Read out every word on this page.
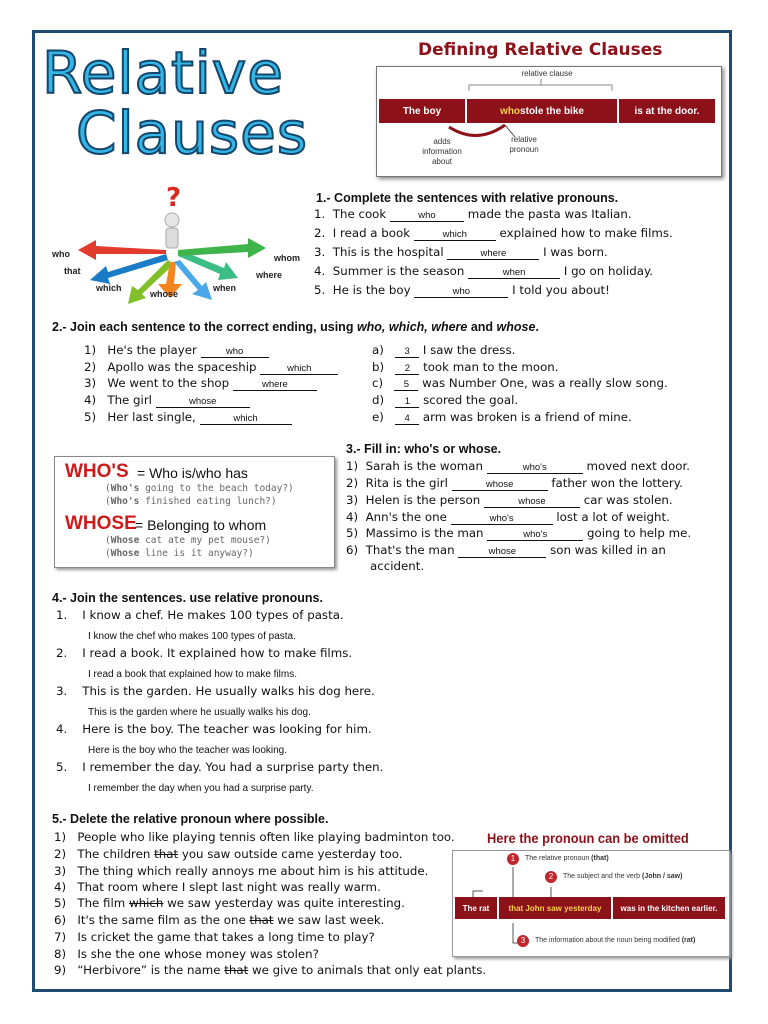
Relative
Clauses
Defining Relative Clauses
relative clause
The boy	who stole the bike	is at the door.
adds
information
about
relative
pronoun
?
who
that
which
whose
when
where
whom
1.- Complete the sentences with relative pronouns.
1. The cook	who made the pasta was Italian.
2. I read a book	which explained how to make films.
3. This is the hospital	where	I was born.
4. Summer is the season	when	I go on holiday.
5. He is the boy	who	I told you about!
2.- Join each sentence to the correct ending, using who, which, where and whose.
1) He's the player	who
2) Apollo was the spaceship	which
3) We went to the shop	where
4) The girl	whose
5) Her last single,	which
a) 3 I saw the dress.
b) 2 took man to the moon.
c) 5 was Number One, was a really slow song.
d) 1 scored the goal.
e) 4 arm was broken is a friend of mine.
WHO'S = Who is/who has
(Who's going to the beach today?)
(Who's finished eating lunch?)
WHOSE
= Belonging to whom
(Whose cat ate my pet mouse?)
(Whose line is it anyway?)
3.- Fill in: who's or whose.
1) Sarah is the woman	who's	moved next door.
2) Rita is the girl	whose	father won the lottery.
3) Helen is the person	whose	car was stolen.
4) Ann's the one	who's	lost a lot of weight.
5) Massimo is the man	who's	going to help me.
6) That's the man	whose	son was killed in an
accident.
4.- Join the sentences. use relative pronouns.
1. I know a chef. He makes 100 types of pasta.
I know the chef who makes 100 types of pasta.
2. I read a book. It explained how to make films.
I read a book that explained how to make films.
3. This is the garden. He usually walks his dog here.
This is the garden where he usually walks his dog.
4. Here is the boy. The teacher was looking for him.
Here is the boy who the teacher was looking.
5. I remember the day. You had a surprise party then.
I remember the day when you had a surprise party.
5.- Delete the relative pronoun where possible.
Here the pronoun can be omitted
1) People who like playing tennis often like playing badminton too.
2) The children that you saw outside came yesterday too.
3) The thing which really annoys me about him is his attitude.
4) That room where I slept last night was really warm.
5) The film which we saw yesterday was quite interesting.
6) It's the same film as the one that we saw last week.
7) Is cricket the game that takes a long time to play?
8) Is she the one whose money was stolen?
9) “Herbivore” is the name that we give to animals that only eat plants.
1	The relative pronoun (that)
2	The subject and the verb (John / saw)
The rat	that John saw yesterday	was in the kitchen earlier.
3	The information about the noun being modified (rat)
